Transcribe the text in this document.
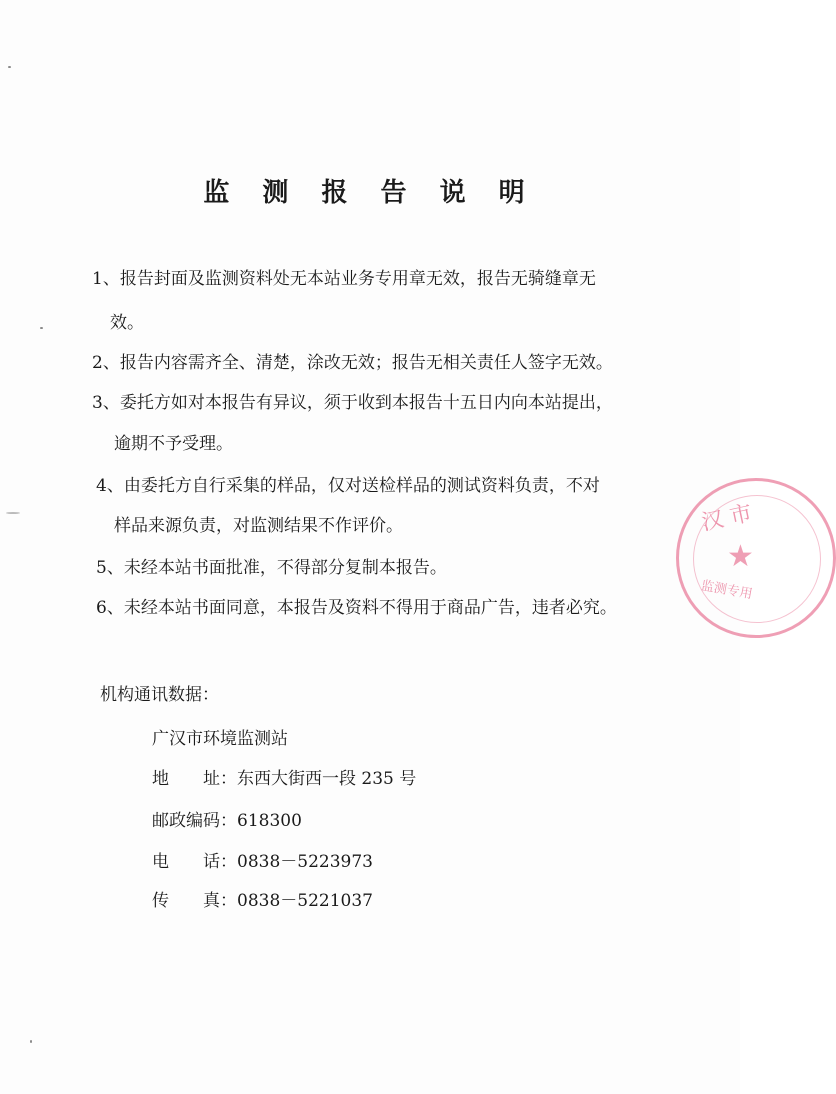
监 测 报 告 说 明
1、报告封面及监测资料处无本站业务专用章无效，报告无骑缝章无
效。
2、报告内容需齐全、清楚，涂改无效；报告无相关责任人签字无效。
3、委托方如对本报告有异议，须于收到本报告十五日内向本站提出，
逾期不予受理。
4、由委托方自行采集的样品，仅对送检样品的测试资料负责，不对
样品来源负责，对监测结果不作评价。
5、未经本站书面批准，不得部分复制本报告。
6、未经本站书面同意，本报告及资料不得用于商品广告，违者必究。
机构通讯数据：
广汉市环境监测站
地　　址：东西大街西一段 235 号
邮政编码：618300
电　　话：0838－5223973
传　　真：0838－5221037
汉 市
★
监测专用
